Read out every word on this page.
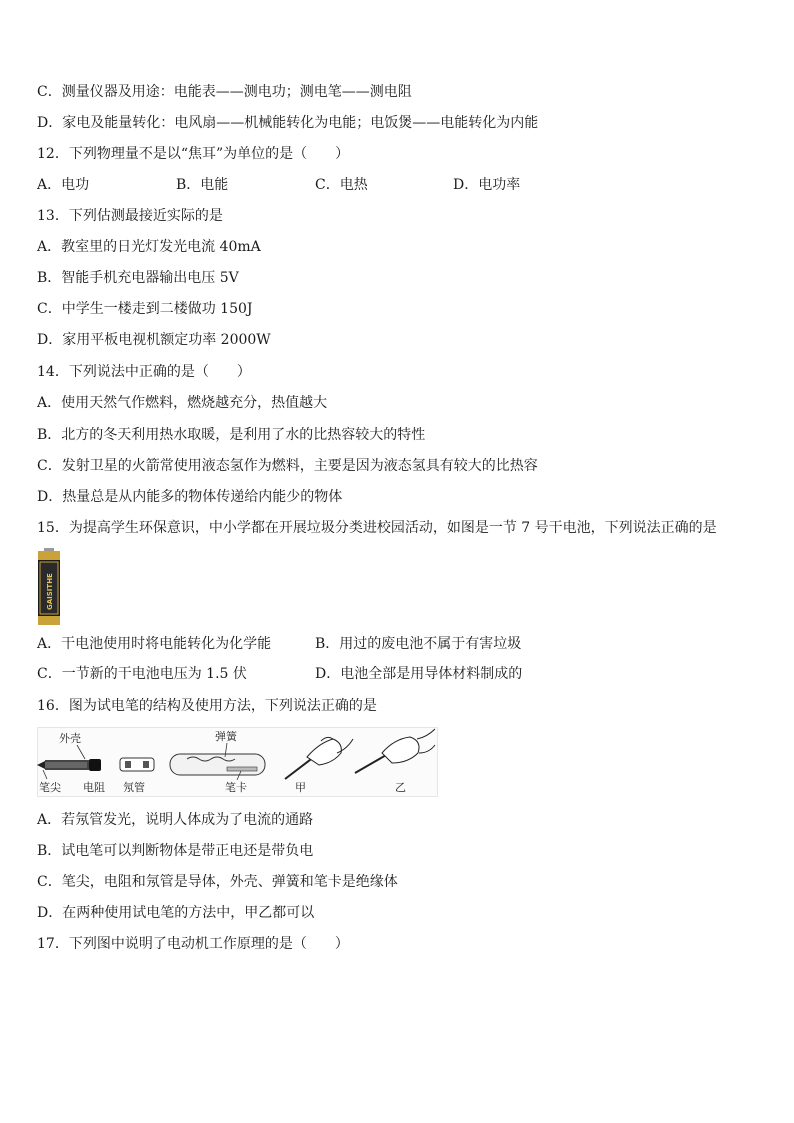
C．测量仪器及用途：电能表——测电功；测电笔——测电阻
D．家电及能量转化：电风扇——机械能转化为电能；电饭煲——电能转化为内能
12．下列物理量不是以“焦耳”为单位的是（　　）
A．电功	B．电能	C．电热	D．电功率
13．下列估测最接近实际的是
A．教室里的日光灯发光电流 40mA
B．智能手机充电器输出电压 5V
C．中学生一楼走到二楼做功 150J
D．家用平板电视机额定功率 2000W
14．下列说法中正确的是（　　）
A．使用天然气作燃料，燃烧越充分，热值越大
B．北方的冬天利用热水取暖，是利用了水的比热容较大的特性
C．发射卫星的火箭常使用液态氢作为燃料，主要是因为液态氢具有较大的比热容
D．热量总是从内能多的物体传递给内能少的物体
15．为提高学生环保意识，中小学都在开展垃圾分类进校园活动，如图是一节 7 号干电池，下列说法正确的是
GAISITHE
A．干电池使用时将电能转化为化学能	B．用过的废电池不属于有害垃圾
C．一节新的干电池电压为 1.5 伏	D．电池全部是用导体材料制成的
16．图为试电笔的结构及使用方法，下列说法正确的是
外壳
笔尖 电阻 氖管
弹簧
笔卡	甲	乙
A．若氖管发光，说明人体成为了电流的通路
B．试电笔可以判断物体是带正电还是带负电
C．笔尖，电阻和氖管是导体，外壳、弹簧和笔卡是绝缘体
D．在两种使用试电笔的方法中，甲乙都可以
17．下列图中说明了电动机工作原理的是（　　）
